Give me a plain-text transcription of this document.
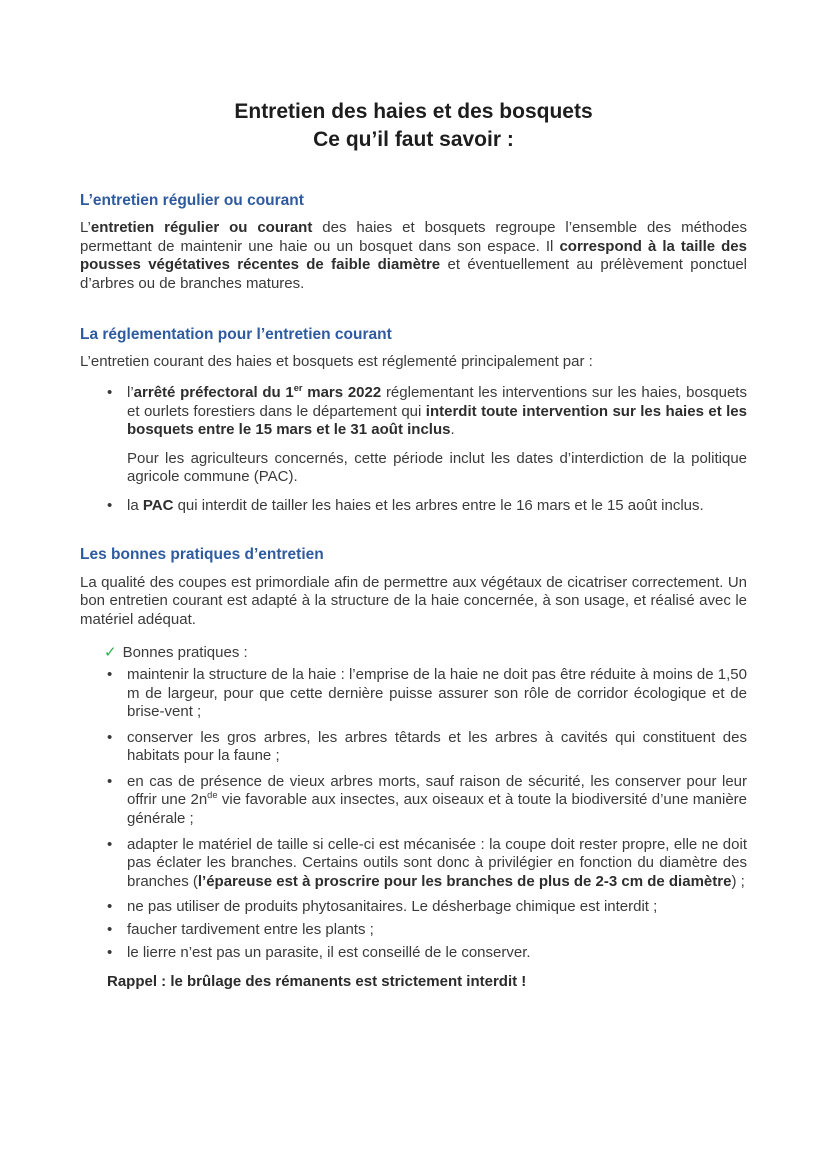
Entretien des haies et des bosquets
Ce qu’il faut savoir :
L’entretien régulier ou courant

L’entretien régulier ou courant des haies et bosquets regroupe l’ensemble des méthodes permettant de maintenir une haie ou un bosquet dans son espace. Il correspond à la taille des pousses végétatives récentes de faible diamètre et éventuellement au prélèvement ponctuel d’arbres ou de branches matures.

La réglementation pour l’entretien courant

L’entretien courant des haies et bosquets est réglementé principalement par :

• l’arrêté préfectoral du 1er mars 2022 réglementant les interventions sur les haies, bosquets et ourlets forestiers dans le département qui interdit toute intervention sur les haies et les bosquets entre le 15 mars et le 31 août inclus.
Pour les agriculteurs concernés, cette période inclut les dates d’interdiction de la politique agricole commune (PAC).
• la PAC qui interdit de tailler les haies et les arbres entre le 16 mars et le 15 août inclus.
Les bonnes pratiques d’entretien

La qualité des coupes est primordiale afin de permettre aux végétaux de cicatriser correctement. Un bon entretien courant est adapté à la structure de la haie concernée, à son usage, et réalisé avec le matériel adéquat.

✓ Bonnes pratiques :
• maintenir la structure de la haie : l’emprise de la haie ne doit pas être réduite à moins de 1,50 m de largeur, pour que cette dernière puisse assurer son rôle de corridor écologique et de brise-vent ;
• conserver les gros arbres, les arbres têtards et les arbres à cavités qui constituent des habitats pour la faune ;
• en cas de présence de vieux arbres morts, sauf raison de sécurité, les conserver pour leur offrir une $2n^{de}$ vie favorable aux insectes, aux oiseaux et à toute la biodiversité d’une manière générale ;
• adapter le matériel de taille si celle-ci est mécanisée : la coupe doit rester propre, elle ne doit pas éclater les branches. Certains outils sont donc à privilégier en fonction du diamètre des branches (l’épareuse est à proscrire pour les branches de plus de 2-3 cm de diamètre) ;
• ne pas utiliser de produits phytosanitaires. Le désherbage chimique est interdit ;
• faucher tardivement entre les plants ;
• le lierre n’est pas un parasite, il est conseillé de le conserver.

Rappel : le brûlage des rémanents est strictement interdit !
